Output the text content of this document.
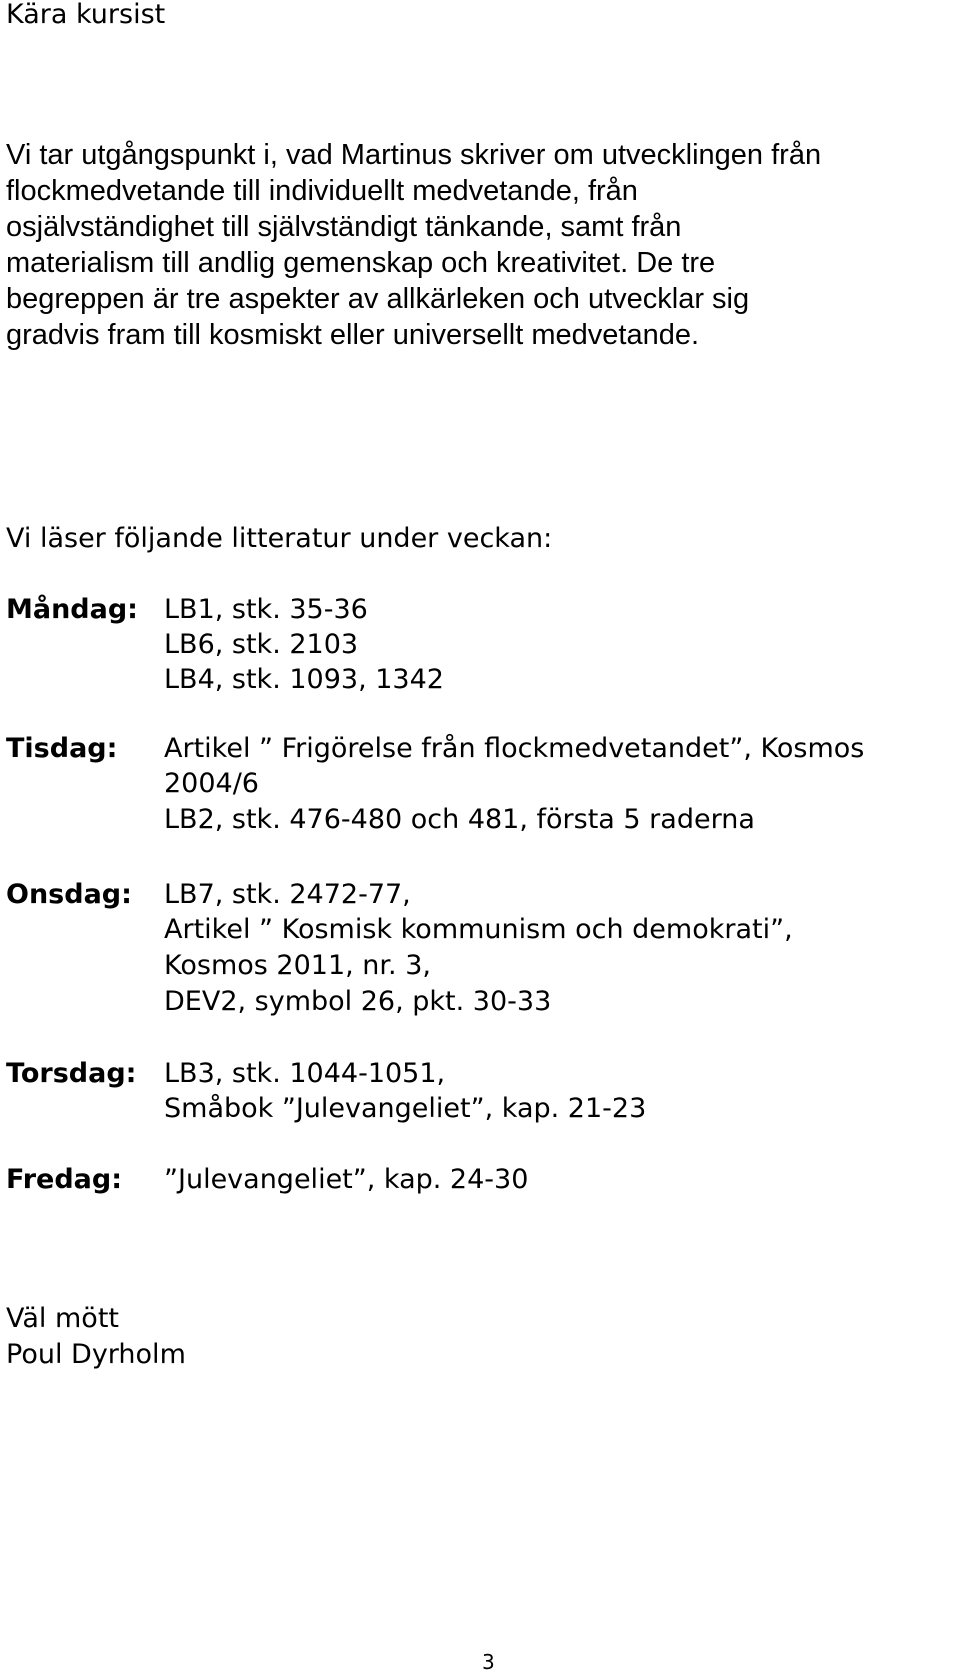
Kära kursist
Vi tar utgångspunkt i, vad Martinus skriver om utvecklingen från
flockmedvetande till individuellt medvetande, från
osjälvständighet till självständigt tänkande, samt från
materialism till andlig gemenskap och kreativitet. De tre
begreppen är tre aspekter av allkärleken och utvecklar sig
gradvis fram till kosmiskt eller universellt medvetande.
Vi läser följande litteratur under veckan:
Måndag: LB1, stk. 35-36
LB6, stk. 2103
LB4, stk. 1093, 1342
Tisdag: Artikel ” Frigörelse från flockmedvetandet”, Kosmos
2004/6
LB2, stk. 476-480 och 481, första 5 raderna
Onsdag: LB7, stk. 2472-77,
Artikel ” Kosmisk kommunism och demokrati”,
Kosmos 2011, nr. 3,
DEV2, symbol 26, pkt. 30-33
Torsdag: LB3, stk. 1044-1051,
Småbok ”Julevangeliet”, kap. 21-23
Fredag: ”Julevangeliet”, kap. 24-30
Väl mött
Poul Dyrholm
3
